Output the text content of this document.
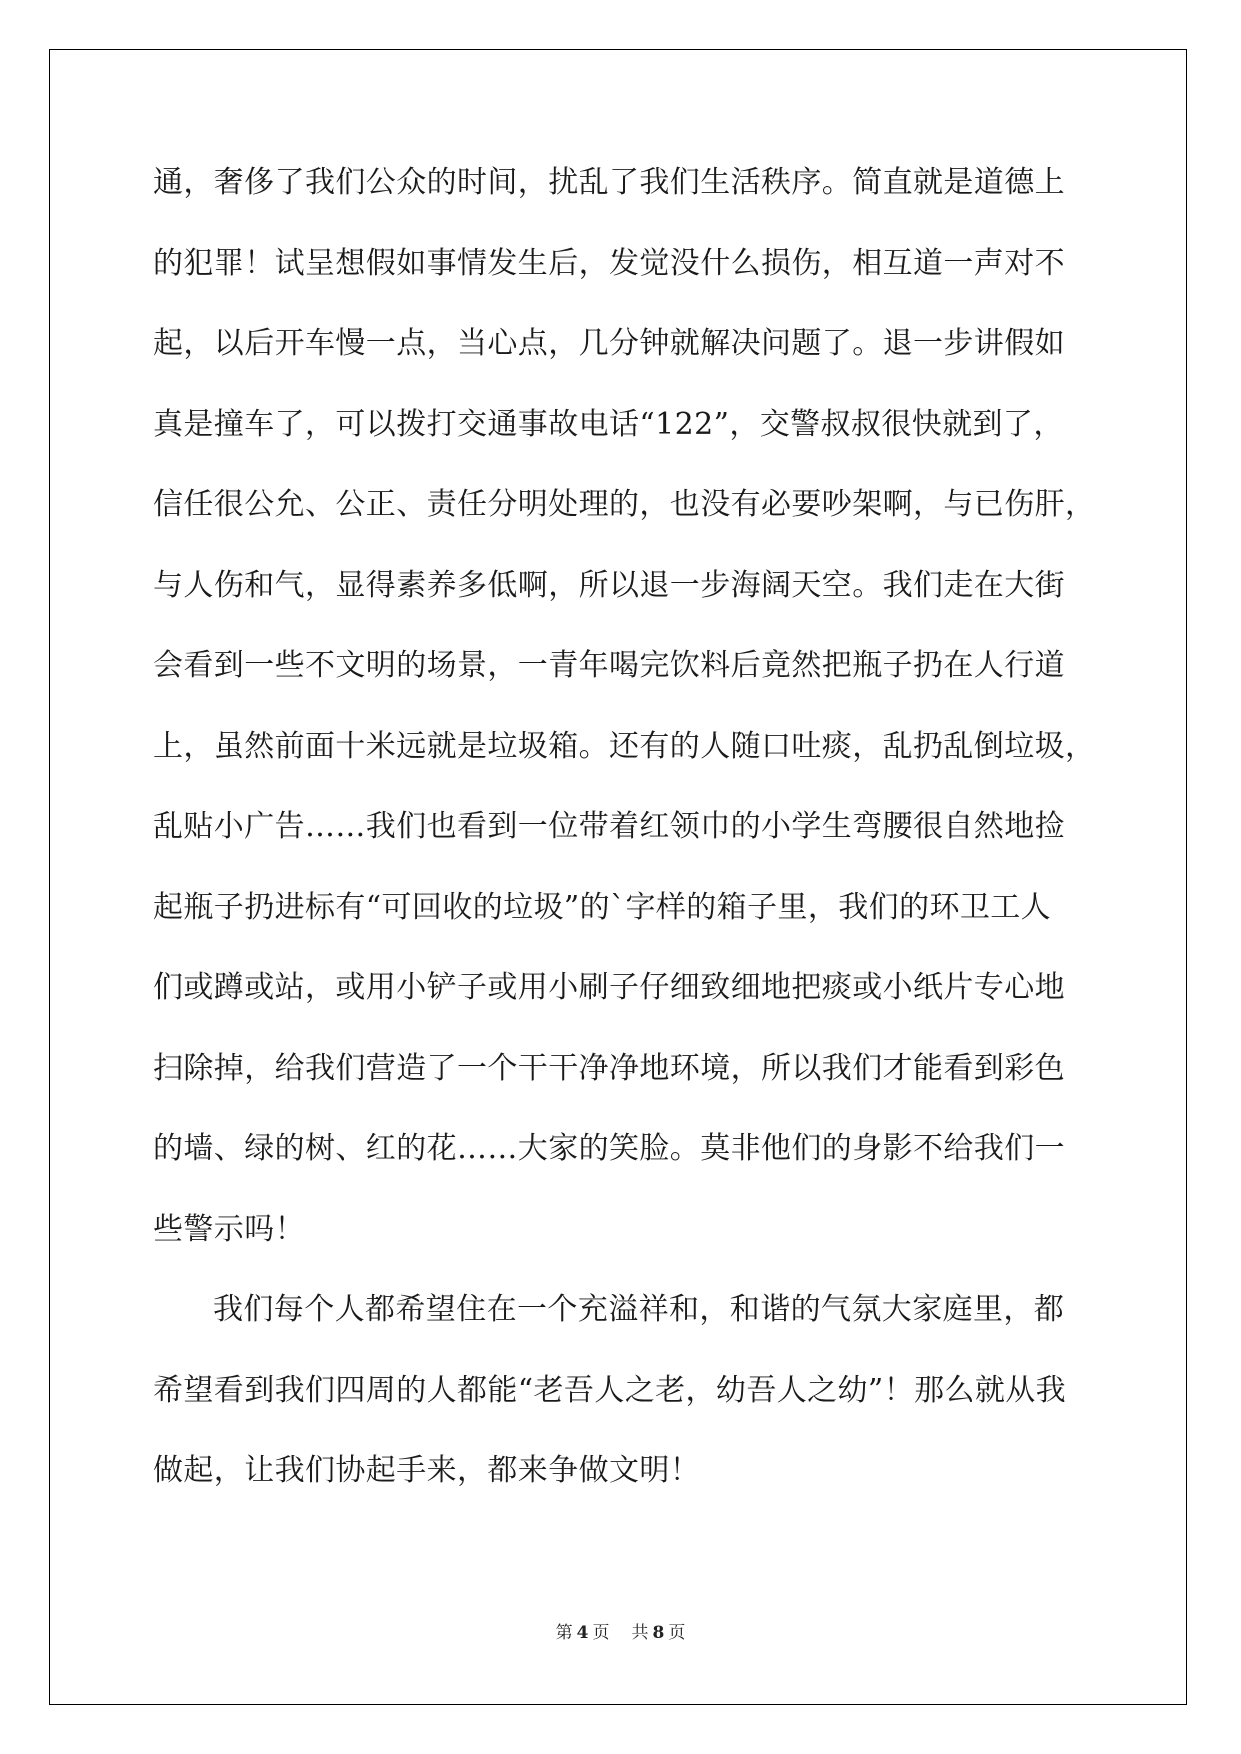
通，奢侈了我们公众的时间，扰乱了我们生活秩序。简直就是道德上
的犯罪！试呈想假如事情发生后，发觉没什么损伤，相互道一声对不
起，以后开车慢一点，当心点，几分钟就解决问题了。退一步讲假如
真是撞车了，可以拨打交通事故电话“122”，交警叔叔很快就到了，
信任很公允、公正、责任分明处理的，也没有必要吵架啊，与已伤肝，
与人伤和气，显得素养多低啊，所以退一步海阔天空。我们走在大街
会看到一些不文明的场景，一青年喝完饮料后竟然把瓶子扔在人行道
上，虽然前面十米远就是垃圾箱。还有的人随口吐痰，乱扔乱倒垃圾，
乱贴小广告……我们也看到一位带着红领巾的小学生弯腰很自然地捡
起瓶子扔进标有“可回收的垃圾”的`字样的箱子里，我们的环卫工人
们或蹲或站，或用小铲子或用小刷子仔细致细地把痰或小纸片专心地
扫除掉，给我们营造了一个干干净净地环境，所以我们才能看到彩色
的墙、绿的树、红的花……大家的笑脸。莫非他们的身影不给我们一
些警示吗！
我们每个人都希望住在一个充溢祥和，和谐的气氛大家庭里，都
希望看到我们四周的人都能“老吾人之老，幼吾人之幼”！那么就从我
做起，让我们协起手来，都来争做文明！
第 4 页 共 8 页
